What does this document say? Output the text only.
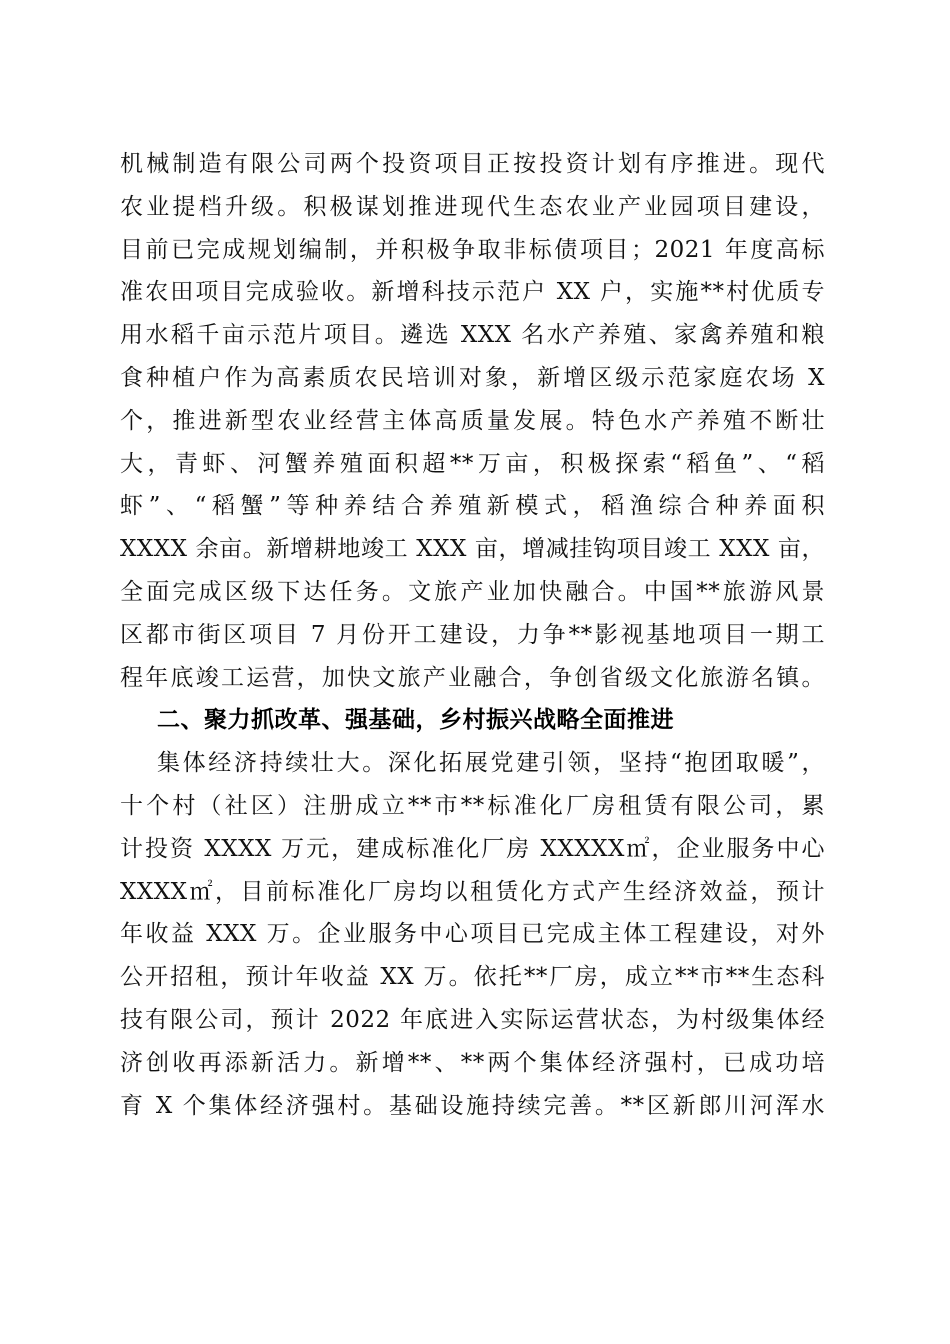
机械制造有限公司两个投资项目正按投资计划有序推进。现代
农业提档升级。积极谋划推进现代生态农业产业园项目建设，
目前已完成规划编制，并积极争取非标债项目；2021 年度高标
准农田项目完成验收。新增科技示范户 XX 户，实施**村优质专
用水稻千亩示范片项目。遴选 XXX 名水产养殖、家禽养殖和粮
食种植户作为高素质农民培训对象，新增区级示范家庭农场 X
个，推进新型农业经营主体高质量发展。特色水产养殖不断壮
大，青虾、河蟹养殖面积超**万亩，积极探索“稻鱼”、“稻
虾”、“稻蟹”等种养结合养殖新模式，稻渔综合种养面积
XXXX 余亩。新增耕地竣工 XXX 亩，增减挂钩项目竣工 XXX 亩，
全面完成区级下达任务。文旅产业加快融合。中国**旅游风景
区都市街区项目 7 月份开工建设，力争**影视基地项目一期工
程年底竣工运营，加快文旅产业融合，争创省级文化旅游名镇。
二、聚力抓改革、强基础，乡村振兴战略全面推进
集体经济持续壮大。深化拓展党建引领，坚持“抱团取暖”，
十个村（社区）注册成立**市**标准化厂房租赁有限公司，累
计投资 XXXX 万元，建成标准化厂房 XXXXX㎡，企业服务中心
XXXX㎡，目前标准化厂房均以租赁化方式产生经济效益，预计
年收益 XXX 万。企业服务中心项目已完成主体工程建设，对外
公开招租，预计年收益 XX 万。依托**厂房，成立**市**生态科
技有限公司，预计 2022 年底进入实际运营状态，为村级集体经
济创收再添新活力。新增**、**两个集体经济强村，已成功培
育 X 个集体经济强村。基础设施持续完善。**区新郎川河浑水
